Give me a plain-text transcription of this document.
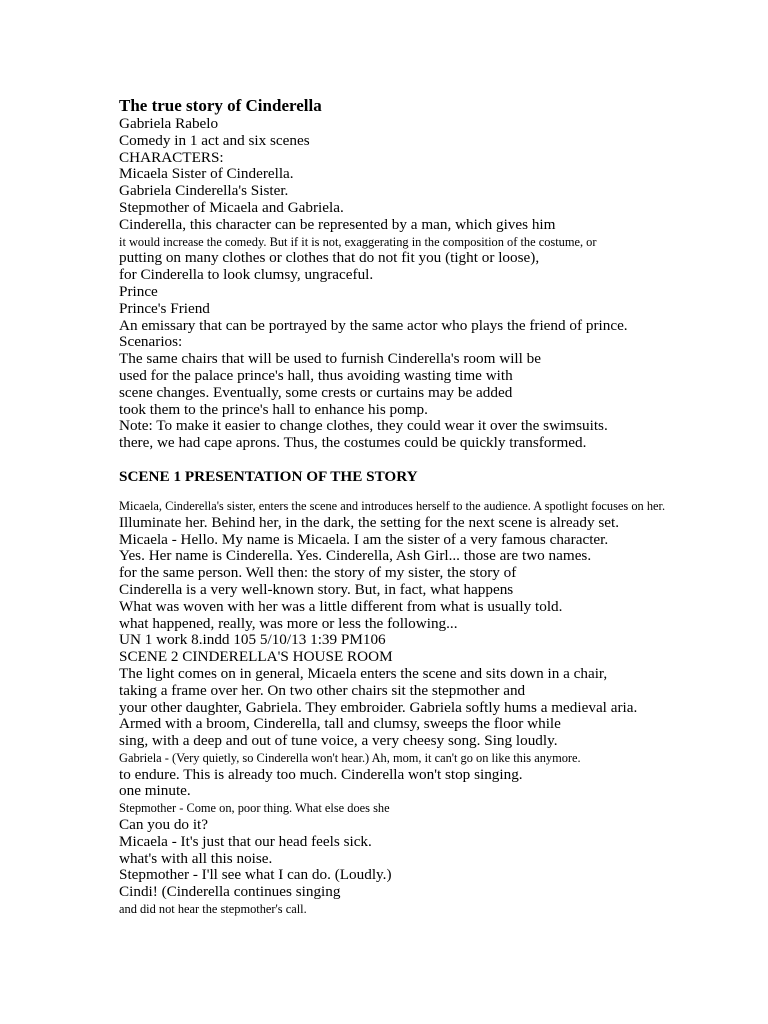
The true story of Cinderella
Gabriela Rabelo
Comedy in 1 act and six scenes
CHARACTERS:
Micaela Sister of Cinderella.
Gabriela Cinderella's Sister.
Stepmother of Micaela and Gabriela.
Cinderella, this character can be represented by a man, which gives him
it would increase the comedy. But if it is not, exaggerating in the composition of the costume, or
putting on many clothes or clothes that do not fit you (tight or loose),
for Cinderella to look clumsy, ungraceful.
Prince
Prince's Friend
An emissary that can be portrayed by the same actor who plays the friend of prince.
Scenarios:
The same chairs that will be used to furnish Cinderella's room will be
used for the palace prince's hall, thus avoiding wasting time with
scene changes. Eventually, some crests or curtains may be added
took them to the prince's hall to enhance his pomp.
Note: To make it easier to change clothes, they could wear it over the swimsuits.
there, we had cape aprons. Thus, the costumes could be quickly transformed.
SCENE 1 PRESENTATION OF THE STORY
Micaela, Cinderella's sister, enters the scene and introduces herself to the audience. A spotlight focuses on her.
Illuminate her. Behind her, in the dark, the setting for the next scene is already set.
Micaela - Hello. My name is Micaela. I am the sister of a very famous character.
Yes. Her name is Cinderella. Yes. Cinderella, Ash Girl... those are two names.
for the same person. Well then: the story of my sister, the story of
Cinderella is a very well-known story. But, in fact, what happens
What was woven with her was a little different from what is usually told.
what happened, really, was more or less the following...
UN 1 work 8.indd 105 5/10/13 1:39 PM106
SCENE 2 CINDERELLA'S HOUSE ROOM
The light comes on in general, Micaela enters the scene and sits down in a chair,
taking a frame over her. On two other chairs sit the stepmother and
your other daughter, Gabriela. They embroider. Gabriela softly hums a medieval aria.
Armed with a broom, Cinderella, tall and clumsy, sweeps the floor while
sing, with a deep and out of tune voice, a very cheesy song. Sing loudly.
Gabriela - (Very quietly, so Cinderella won't hear.) Ah, mom, it can't go on like this anymore.
to endure. This is already too much. Cinderella won't stop singing.
one minute.
Stepmother - Come on, poor thing. What else does she
Can you do it?
Micaela - It's just that our head feels sick.
what's with all this noise.
Stepmother - I'll see what I can do. (Loudly.)
Cindi! (Cinderella continues singing
and did not hear the stepmother's call.
